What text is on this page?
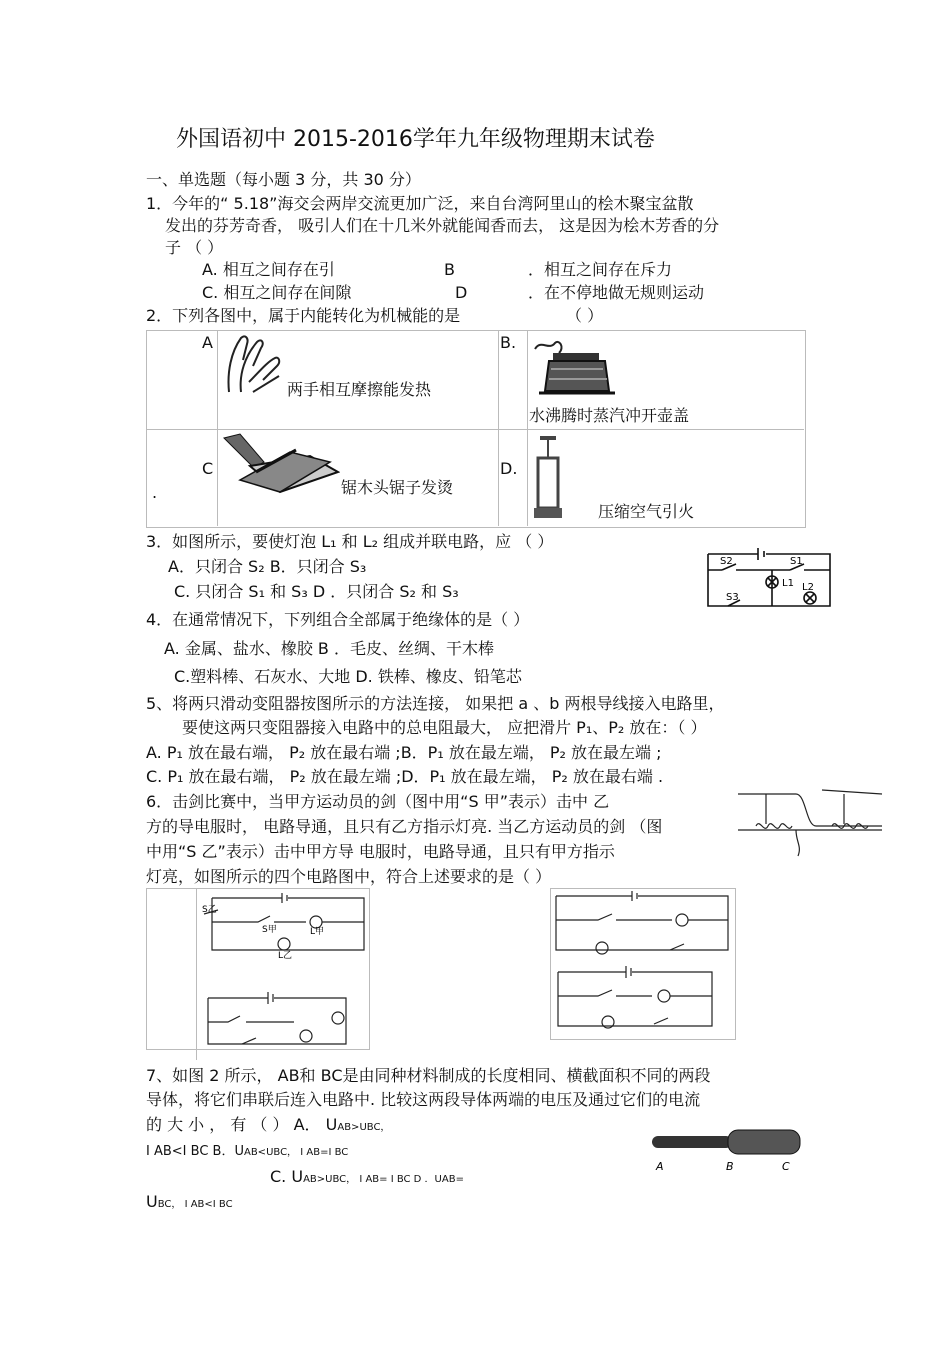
外国语初中 2015-2016学年九年级物理期末试卷
一、单选题（每小题 3 分，共 30 分）
1．今年的“ 5.18”海交会两岸交流更加广泛，来自台湾阿里山的桧木聚宝盆散
发出的芬芳奇香， 吸引人们在十几米外就能闻香而去， 这是因为桧木芳香的分
子 （ ）
A. 相互之间存在引	B	．相互之间存在斥力
C. 相互之间存在间隙	D	．在不停地做无规则运动
2．下列各图中，属于内能转化为机械能的是	（ ）
A
两手相互摩擦能发热
B.
水沸腾时蒸汽冲开壶盖
C
.	锯木头锯子发烫
D.
压缩空气引火
3．如图所示，要使灯泡 L₁ 和 L₂ 组成并联电路，应 （ ）
A．只闭合 S₂ B．只闭合 S₃
C. 只闭合 S₁ 和 S₃ D ．只闭合 S₂ 和 S₃
S2	S1
L1
S3
L2
4．在通常情况下，下列组合全部属于绝缘体的是（ ）
A. 金属、盐水、橡胶 B ．毛皮、丝绸、干木棒
C.塑料棒、石灰水、大地 D. 铁棒、橡皮、铅笔芯
5、将两只滑动变阻器按图所示的方法连接， 如果把 a 、b 两根导线接入电路里，
要使这两只变阻器接入电路中的总电阻最大， 应把滑片 P₁、P₂ 放在：（ ）
A. P₁ 放在最右端， P₂ 放在最右端 ;B．P₁ 放在最左端， P₂ 放在最左端 ;
C. P₁ 放在最右端， P₂ 放在最左端 ;D．P₁ 放在最左端， P₂ 放在最右端 .
6．击剑比赛中，当甲方运动员的剑（图中用“S 甲”表示）击中 乙
方的导电服时， 电路导通，且只有乙方指示灯亮. 当乙方运动员的剑 （图
中用“S 乙”表示）击中甲方导 电服时，电路导通，且只有甲方指示
灯亮，如图所示的四个电路图中，符合上述要求的是（ ）
S乙
S甲	L甲
L乙
7、如图 2 所示， AB和 BC是由同种材料制成的长度相同、横截面积不同的两段
导体，将它们串联后连入电路中. 比较这两段导体两端的电压及通过它们的电流
的 大 小 ， 有 （ ） A． UAB>UBC，
I AB<I BC B．UAB<UBC， I AB=I BC
C. UAB>UBC， I AB= I BC D ．UAB=
UBC， I AB<I BC
A	B	C
